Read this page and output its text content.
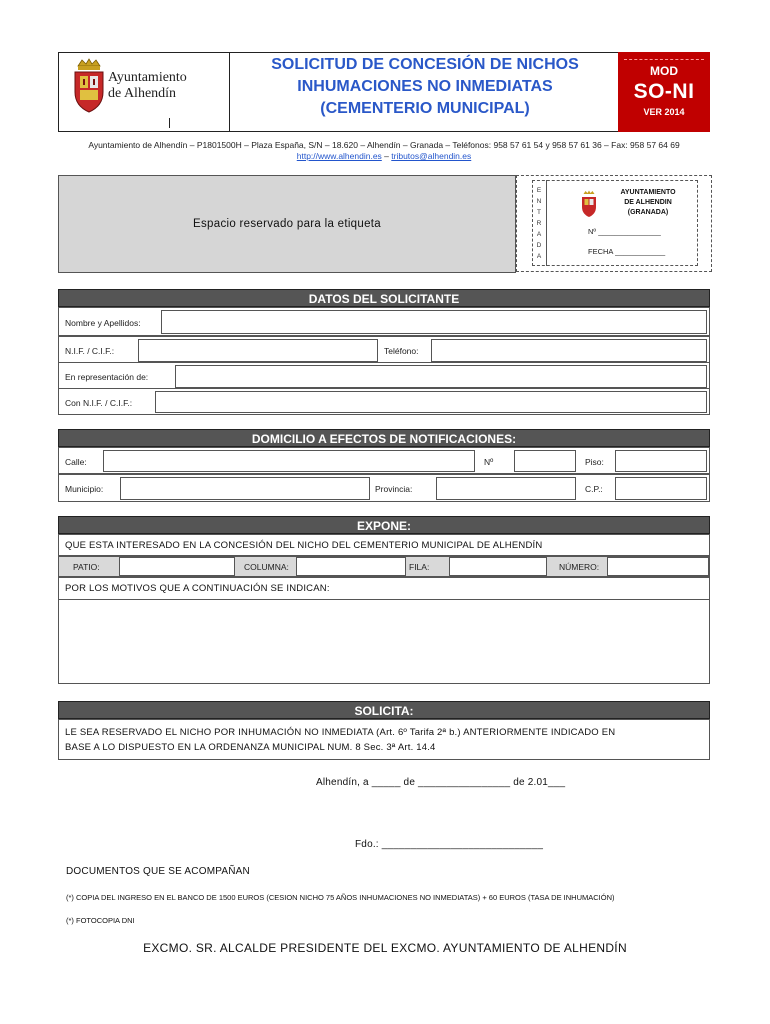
Ayuntamiento
de Alhendín
SOLICITUD DE CONCESIÓN DE NICHOS
INHUMACIONES NO INMEDIATAS
(CEMENTERIO MUNICIPAL)
MOD
SO-NI
VER 2014
Ayuntamiento de Alhendín – P1801500H – Plaza España, S/N – 18.620 – Alhendín – Granada – Teléfonos: 958 57 61 54 y 958 57 61 36 – Fax: 958 57 64 69
http://www.alhendin.es – tributos@alhendin.es
Espacio reservado para la etiqueta
E
N
T
R
A
D
A
AYUNTAMIENTO
DE ALHENDIN
(GRANADA)
Nº _______________
FECHA ____________
DATOS DEL SOLICITANTE
Nombre y Apellidos:
N.I.F. / C.I.F.:	Teléfono:
En representación de:
Con N.I.F. / C.I.F.:
DOMICILIO A EFECTOS DE NOTIFICACIONES:
Calle:	Nº	Piso:
Municipio:	Provincia:	C.P.:
EXPONE:
QUE ESTA INTERESADO EN LA CONCESIÓN DEL NICHO DEL CEMENTERIO MUNICIPAL DE ALHENDÍN
PATIO:	COLUMNA:	FILA:	NÚMERO:
POR LOS MOTIVOS QUE A CONTINUACIÓN SE INDICAN:
SOLICITA:
LE SEA RESERVADO EL NICHO POR INHUMACIÓN NO INMEDIATA (Art. 6º Tarifa 2ª b.) ANTERIORMENTE INDICADO EN
BASE A LO DISPUESTO EN LA ORDENANZA MUNICIPAL NUM. 8 Sec. 3ª Art. 14.4
Alhendín, a _____ de ________________ de 2.01___
Fdo.: ____________________________
DOCUMENTOS QUE SE ACOMPAÑAN
(*) COPIA DEL INGRESO EN EL BANCO DE 1500 EUROS (CESION NICHO 75 AÑOS INHUMACIONES NO INMEDIATAS) + 60 EUROS (TASA DE INHUMACIÓN)
(*) FOTOCOPIA DNI
EXCMO. SR. ALCALDE PRESIDENTE DEL EXCMO. AYUNTAMIENTO DE ALHENDÍN
